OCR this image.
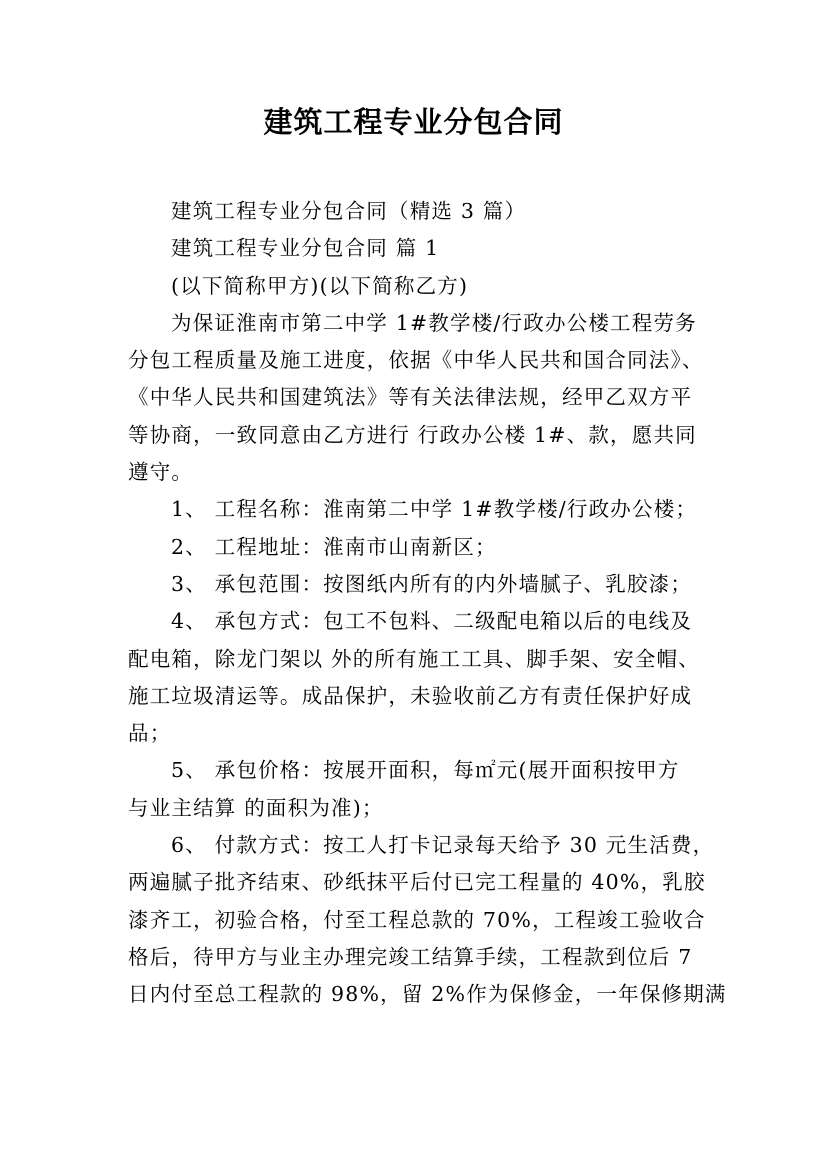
建筑工程专业分包合同

建筑工程专业分包合同（精选 3 篇）

建筑工程专业分包合同 篇 1

(以下简称甲方)(以下简称乙方)

为保证淮南市第二中学 1#教学楼/行政办公楼工程劳务

分包工程质量及施工进度，依据《中华人民共和国合同法》、

《中华人民共和国建筑法》等有关法律法规，经甲乙双方平

等协商，一致同意由乙方进行 行政办公楼 1#、款，愿共同

遵守。

1、 工程名称：淮南第二中学 1#教学楼/行政办公楼；

2、 工程地址：淮南市山南新区；

3、 承包范围：按图纸内所有的内外墙腻子、乳胶漆；

4、 承包方式：包工不包料、二级配电箱以后的电线及

配电箱，除龙门架以 外的所有施工工具、脚手架、安全帽、

施工垃圾清运等。成品保护，未验收前乙方有责任保护好成

品；

5、 承包价格：按展开面积，每㎡元(展开面积按甲方

与业主结算 的面积为准)；

6、 付款方式：按工人打卡记录每天给予 30 元生活费，

两遍腻子批齐结束、砂纸抹平后付已完工程量的 40%，乳胶

漆齐工，初验合格，付至工程总款的 70%，工程竣工验收合

格后，待甲方与业主办理完竣工结算手续，工程款到位后 7

日内付至总工程款的 98%，留 2%作为保修金，一年保修期满
